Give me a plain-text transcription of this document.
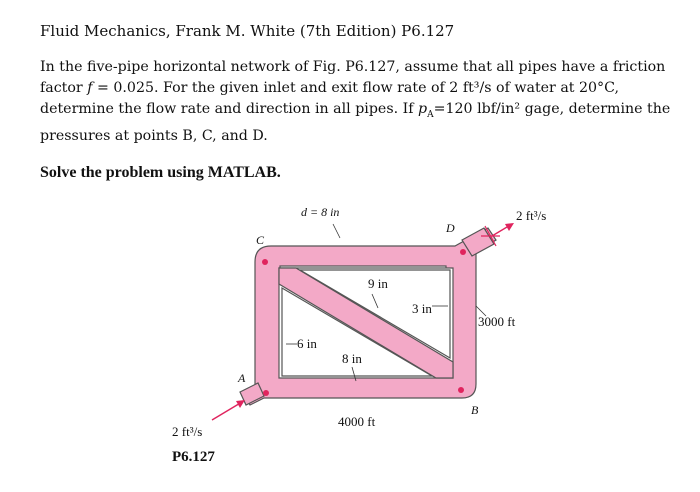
Fluid Mechanics, Frank M. White (7th Edition) P6.127

In the five-pipe horizontal network of Fig. P6.127, assume that all pipes have a friction

factor f = 0.025. For the given inlet and exit flow rate of 2 ft³/s of water at 20°C,

determine the flow rate and direction in all pipes. If $p_A=120$ lbf/in² gage, determine the

pressures at points B, C, and D.

Solve the problem using MATLAB.
d = 8 in
C
D
A
B
9 in
3 in
3000 ft
6 in
8 in
4000 ft
2 ft³/s
2 ft³/s
P6.127
